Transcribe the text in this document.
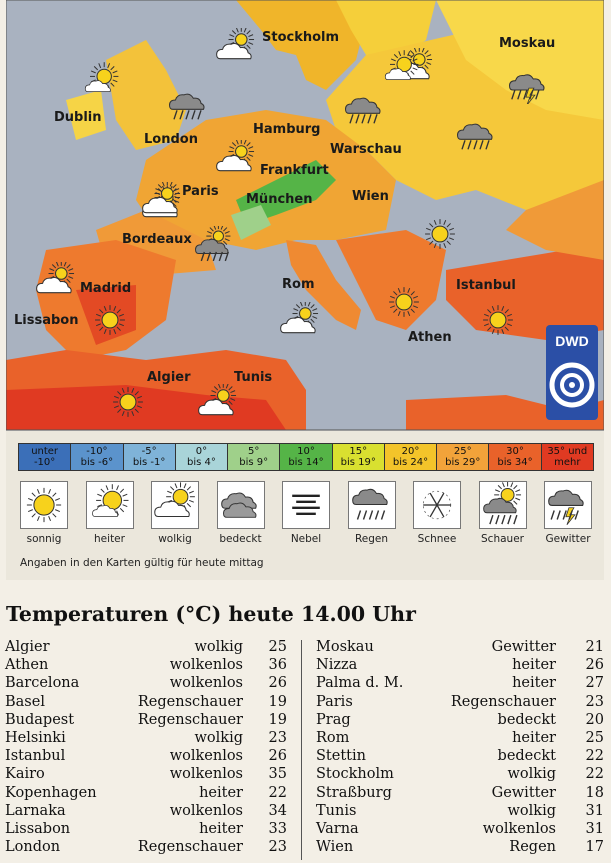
Stockholm	Moskau
Dublin
London
Hamburg
Warschau
Frankfurt
Paris
München	Wien
Bordeaux
Madrid
Lissabon
Rom	Istanbul
Athen
Algier	Tunis
DWD
unter
-10°
-10°
bis -6°
-5°
bis -1°
0°
bis 4°
5°
bis 9°
10°
bis 14°
15°
bis 19°
20°
bis 24°
25°
bis 29°
30°
bis 34°
35° und
mehr
sonnig	heiter	wolkig	bedeckt	Nebel	Regen	Schnee	Schauer	Gewitter
Angaben in den Karten gültig für heute mittag
Temperaturen (°C) heute 14.00 Uhr
Algier	wolkig 25
Athen	wolkenlos 36
Barcelona	wolkenlos 26
Basel	Regenschauer 19
Budapest	Regenschauer 19
Helsinki	wolkig 23
Istanbul	wolkenlos 26
Kairo	wolkenlos 35
Kopenhagen	heiter 22
Larnaka	wolkenlos 34
Lissabon	heiter 33
London	Regenschauer 23
Moskau	Gewitter 21
Nizza	heiter 26
Palma d. M.	heiter 27
Paris	Regenschauer 23
Prag	bedeckt 20
Rom	heiter 25
Stettin	bedeckt 22
Stockholm	wolkig 22
Straßburg	Gewitter 18
Tunis	wolkig 31
Varna	wolkenlos 31
Wien	Regen 17
